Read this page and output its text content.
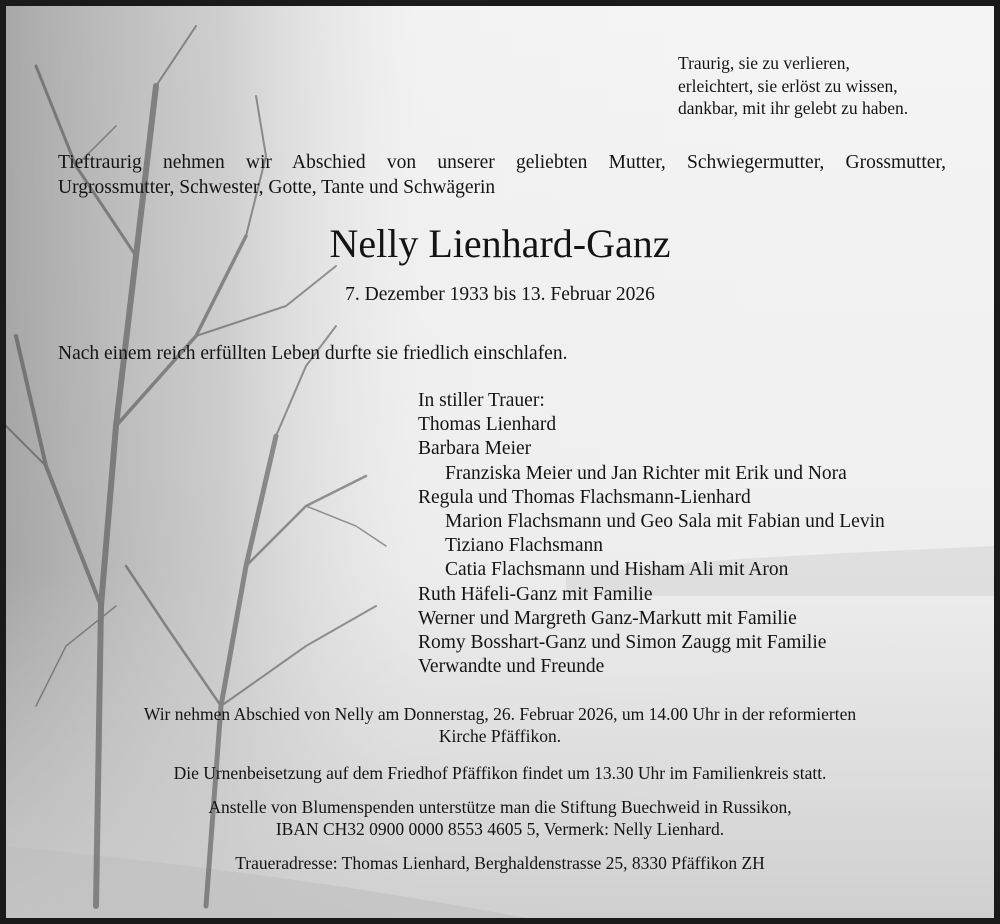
Traurig, sie zu verlieren,
erleichtert, sie erlöst zu wissen,
dankbar, mit ihr gelebt zu haben.
Tieftraurig nehmen wir Abschied von unserer geliebten Mutter, Schwiegermutter, Grossmutter,
Urgrossmutter, Schwester, Gotte, Tante und Schwägerin
Nelly Lienhard-Ganz
7. Dezember 1933 bis 13. Februar 2026
Nach einem reich erfüllten Leben durfte sie friedlich einschlafen.
In stiller Trauer:
Thomas Lienhard
Barbara Meier
Franziska Meier und Jan Richter mit Erik und Nora
Regula und Thomas Flachsmann-Lienhard
Marion Flachsmann und Geo Sala mit Fabian und Levin
Tiziano Flachsmann
Catia Flachsmann und Hisham Ali mit Aron
Ruth Häfeli-Ganz mit Familie
Werner und Margreth Ganz-Markutt mit Familie
Romy Bosshart-Ganz und Simon Zaugg mit Familie
Verwandte und Freunde
Wir nehmen Abschied von Nelly am Donnerstag, 26. Februar 2026, um 14.00 Uhr in der reformierten
Kirche Pfäffikon.
Die Urnenbeisetzung auf dem Friedhof Pfäffikon findet um 13.30 Uhr im Familienkreis statt.
Anstelle von Blumenspenden unterstütze man die Stiftung Buechweid in Russikon,
IBAN CH32 0900 0000 8553 4605 5, Vermerk: Nelly Lienhard.
Traueradresse: Thomas Lienhard, Berghaldenstrasse 25, 8330 Pfäffikon ZH
